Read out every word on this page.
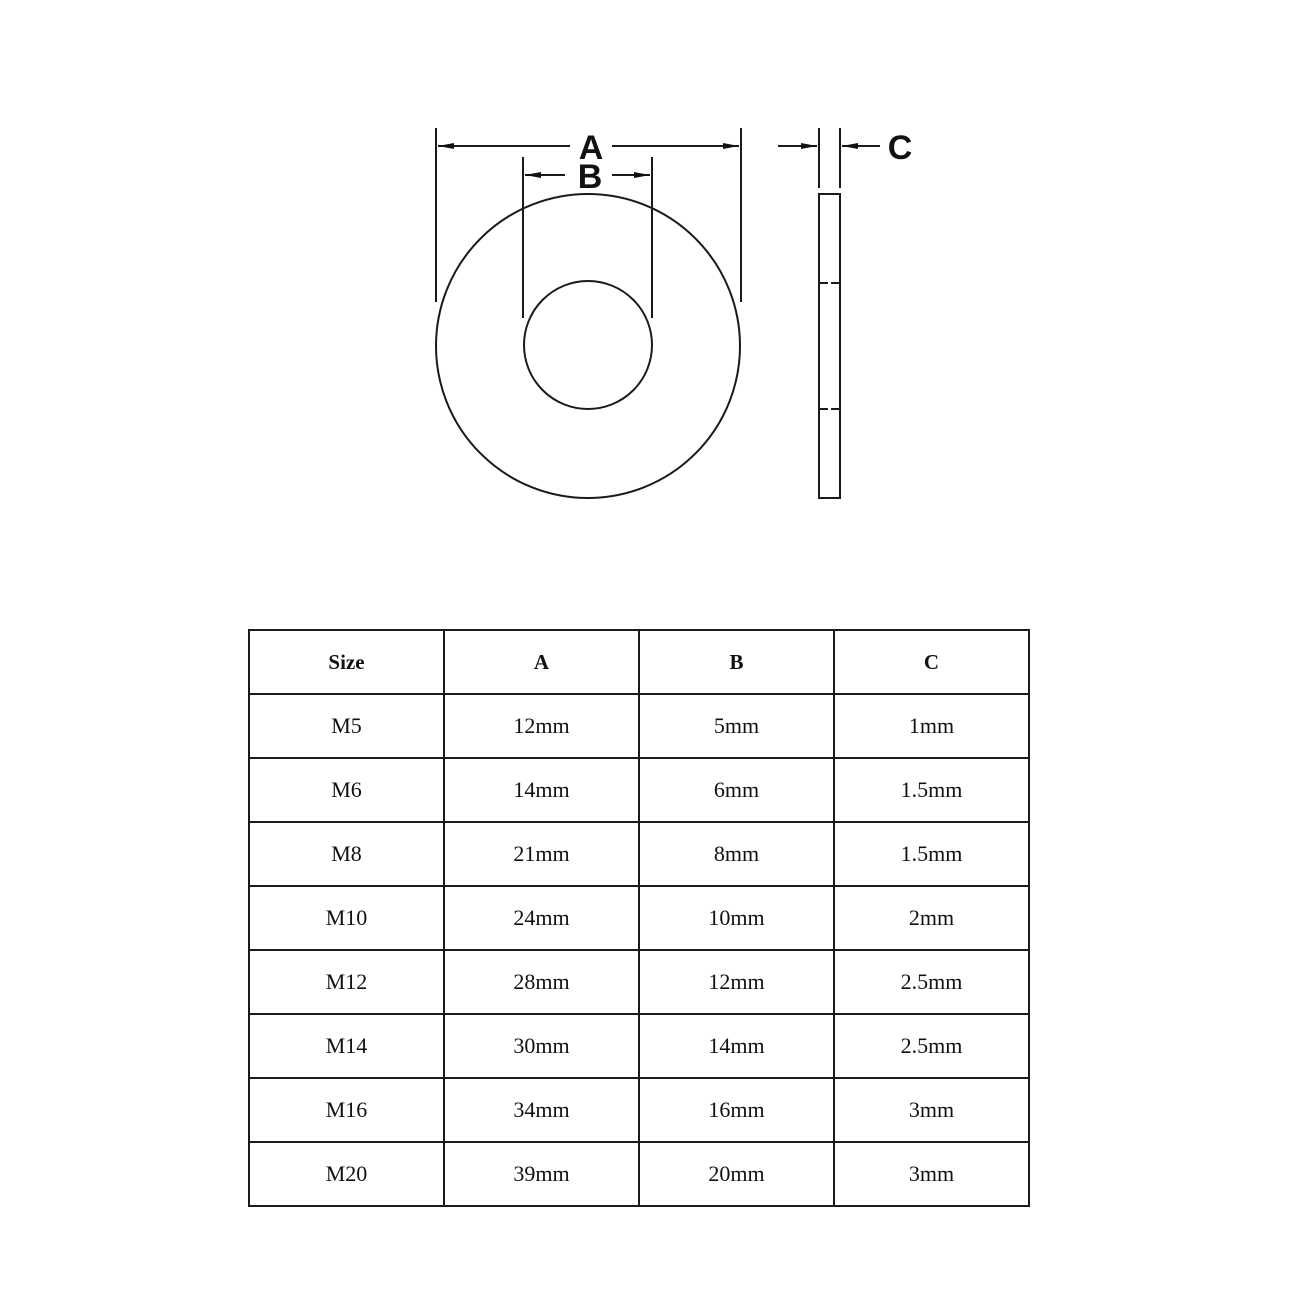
A
B
C
Size	A	B	C
M5	12mm	5mm	1mm
M6	14mm	6mm	1.5mm
M8	21mm	8mm	1.5mm
M10	24mm	10mm	2mm
M12	28mm	12mm	2.5mm
M14	30mm	14mm	2.5mm
M16	34mm	16mm	3mm
M20	39mm	20mm	3mm
